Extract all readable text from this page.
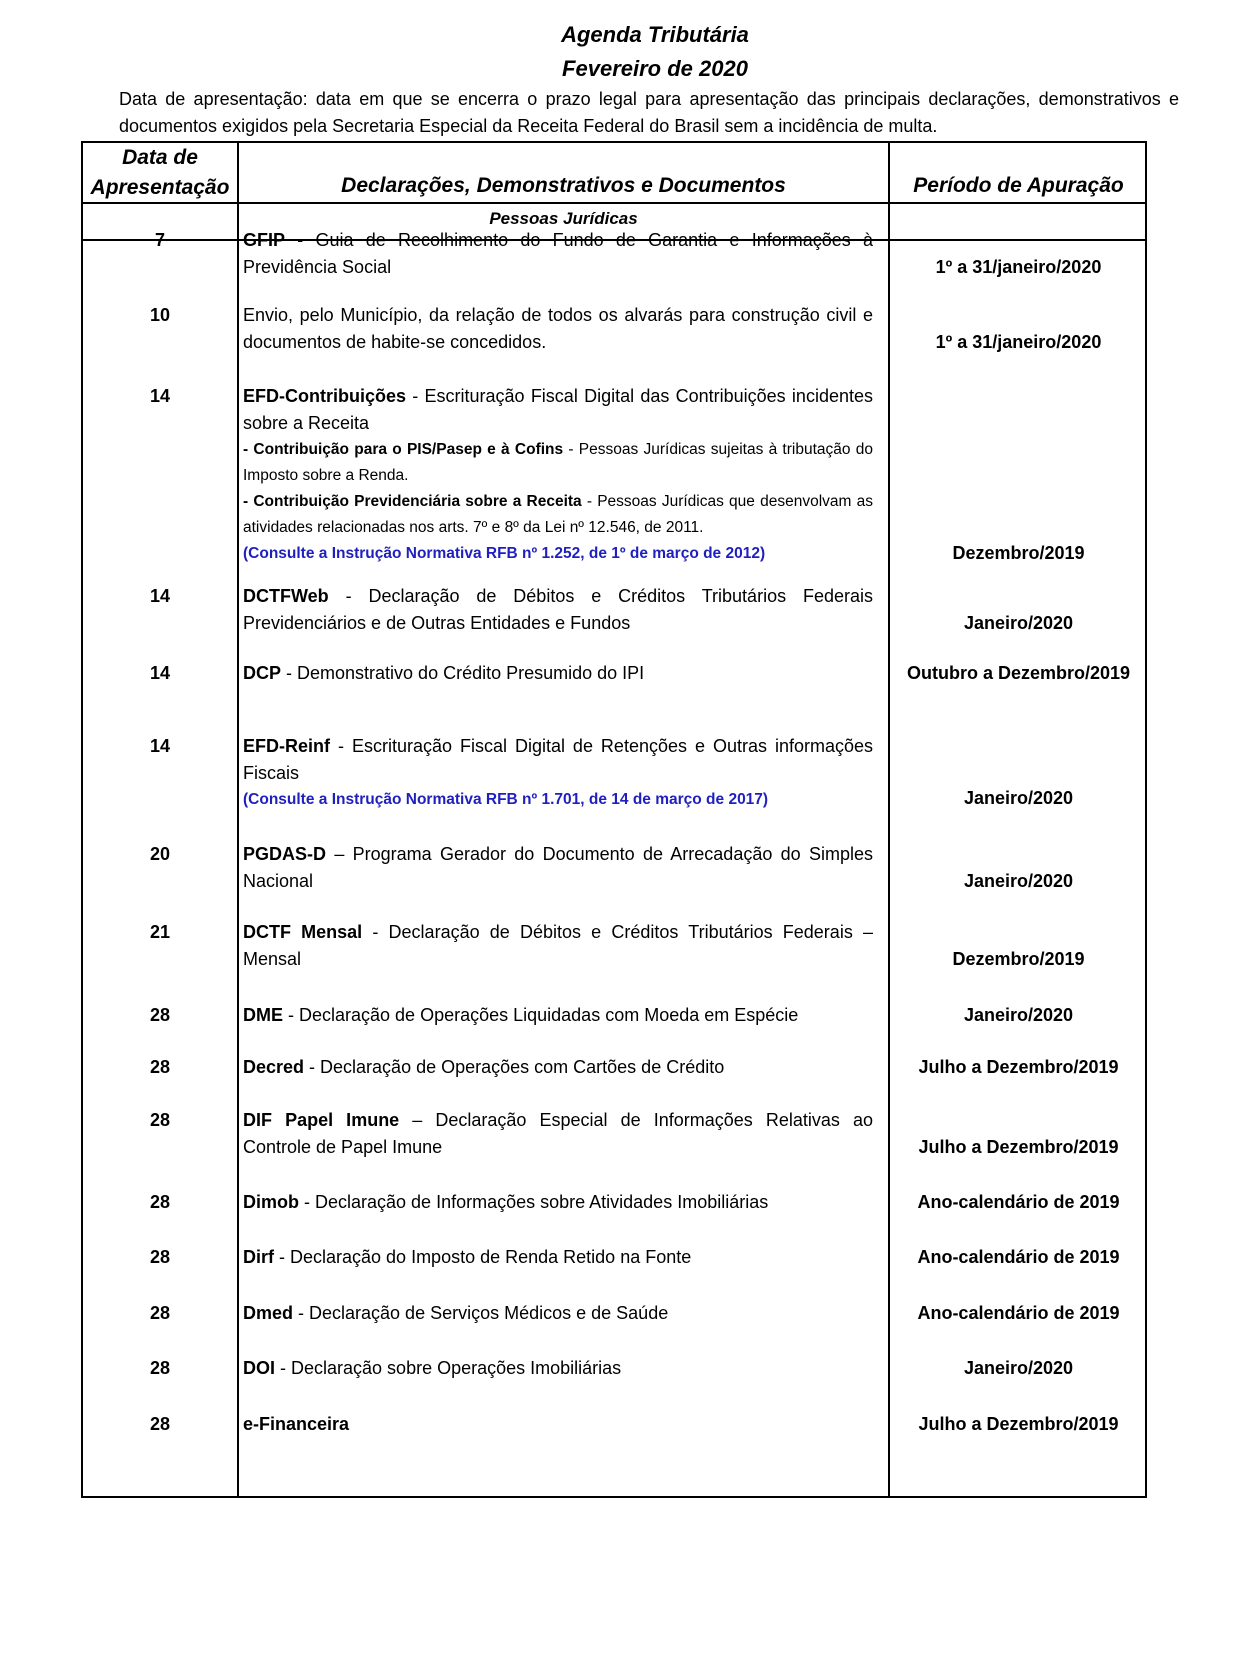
Agenda Tributária
Fevereiro de 2020
Data de apresentação: data em que se encerra o prazo legal para apresentação das principais declarações, demonstrativos e documentos exigidos pela Secretaria Especial da Receita Federal do Brasil sem a incidência de multa.
Data de Apresentação	Declarações, Demonstrativos e Documentos	Período de Apuração
Pessoas Jurídicas
7	GFIP - Guia de Recolhimento do Fundo de Garantia e Informações à Previdência Social	1º a 31/janeiro/2020
10	Envio, pelo Município, da relação de todos os alvarás para construção civil e documentos de habite-se concedidos.	1º a 31/janeiro/2020
14	EFD-Contribuições - Escrituração Fiscal Digital das Contribuições incidentes sobre a Receita
- Contribuição para o PIS/Pasep e à Cofins - Pessoas Jurídicas sujeitas à tributação do Imposto sobre a Renda.
- Contribuição Previdenciária sobre a Receita - Pessoas Jurídicas que desenvolvam as atividades relacionadas nos arts. 7º e 8º da Lei nº 12.546, de 2011.
(Consulte a Instrução Normativa RFB nº 1.252, de 1º de março de 2012)	Dezembro/2019
14	DCTFWeb - Declaração de Débitos e Créditos Tributários Federais Previdenciários e de Outras Entidades e Fundos	Janeiro/2020
14	DCP - Demonstrativo do Crédito Presumido do IPI	Outubro a Dezembro/2019
14	EFD-Reinf - Escrituração Fiscal Digital de Retenções e Outras informações Fiscais
(Consulte a Instrução Normativa RFB nº 1.701, de 14 de março de 2017)	Janeiro/2020
20	PGDAS-D – Programa Gerador do Documento de Arrecadação do Simples Nacional	Janeiro/2020
21	DCTF Mensal - Declaração de Débitos e Créditos Tributários Federais – Mensal	Dezembro/2019
28	DME - Declaração de Operações Liquidadas com Moeda em Espécie	Janeiro/2020
28	Decred - Declaração de Operações com Cartões de Crédito	Julho a Dezembro/2019
28	DIF Papel Imune – Declaração Especial de Informações Relativas ao Controle de Papel Imune	Julho a Dezembro/2019
28	Dimob - Declaração de Informações sobre Atividades Imobiliárias	Ano-calendário de 2019
28	Dirf - Declaração do Imposto de Renda Retido na Fonte	Ano-calendário de 2019
28	Dmed - Declaração de Serviços Médicos e de Saúde	Ano-calendário de 2019
28	DOI - Declaração sobre Operações Imobiliárias	Janeiro/2020
28	e-Financeira	Julho a Dezembro/2019
